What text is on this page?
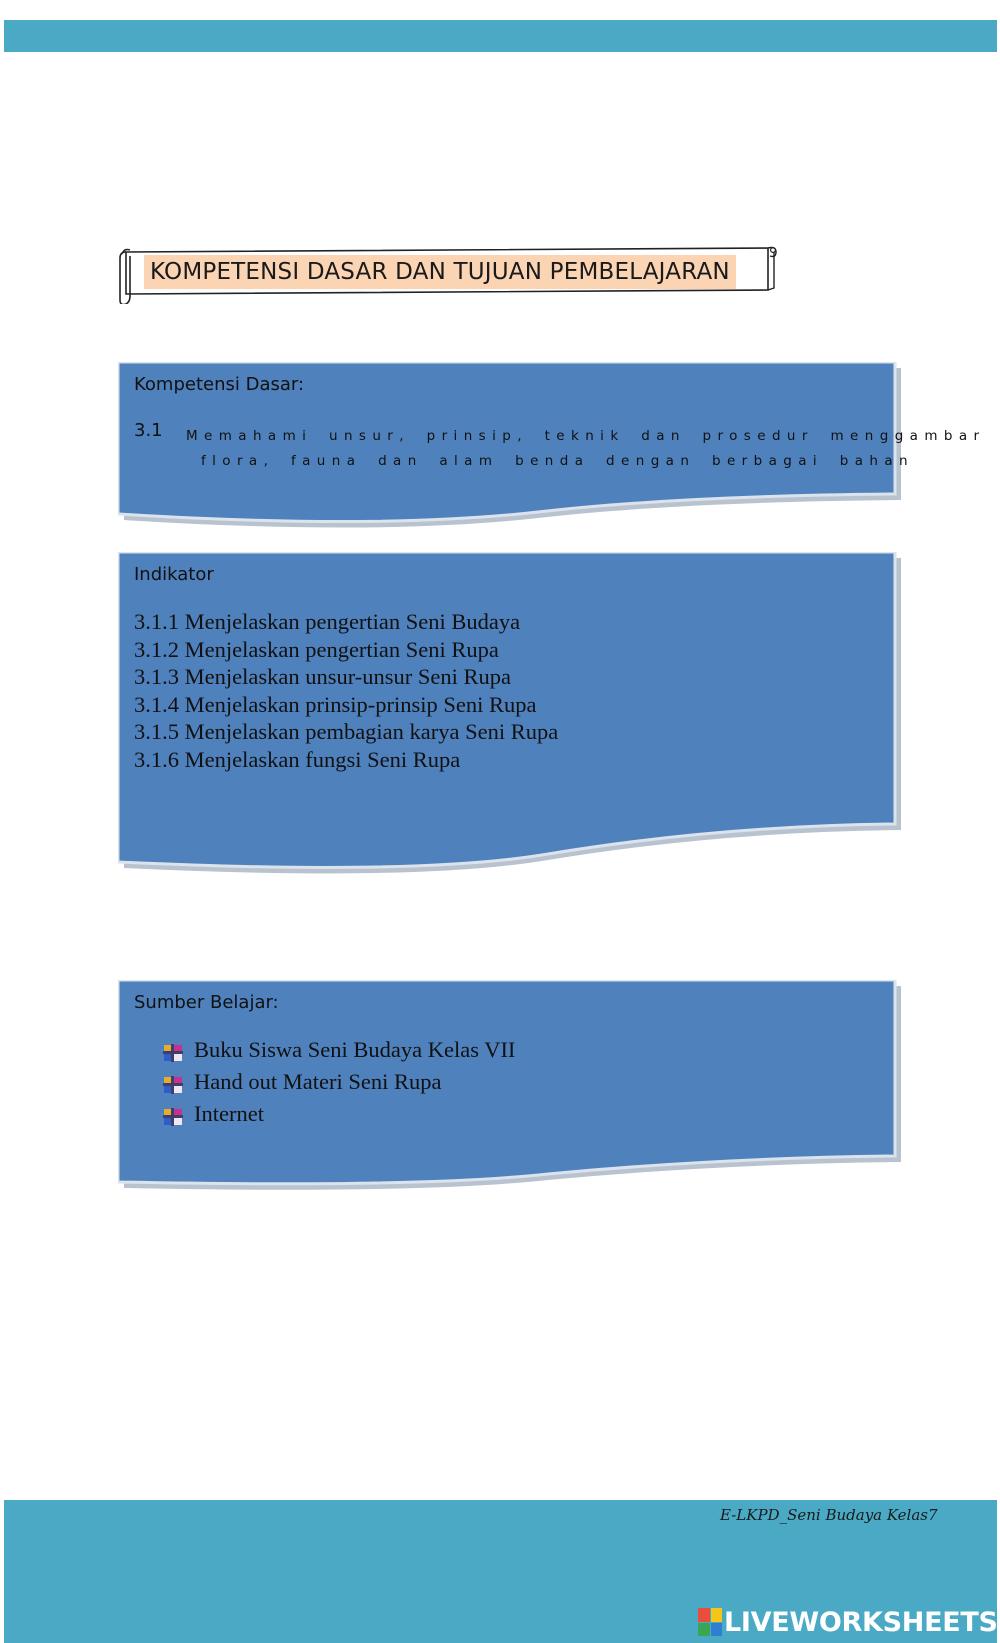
KOMPETENSI DASAR DAN TUJUAN PEMBELAJARAN
Kompetensi Dasar:
3.1 Memahami unsur, prinsip, teknik dan prosedur menggambar
flora, fauna dan alam benda dengan berbagai bahan
Indikator
3.1.1 Menjelaskan pengertian Seni Budaya
3.1.2 Menjelaskan pengertian Seni Rupa
3.1.3 Menjelaskan unsur-unsur Seni Rupa
3.1.4 Menjelaskan prinsip-prinsip Seni Rupa
3.1.5 Menjelaskan pembagian karya Seni Rupa
3.1.6 Menjelaskan fungsi Seni Rupa
Sumber Belajar:
Buku Siswa Seni Budaya Kelas VII
Hand out Materi Seni Rupa
Internet
E-LKPD_Seni Budaya Kelas7
LIVEWORKSHEETS
